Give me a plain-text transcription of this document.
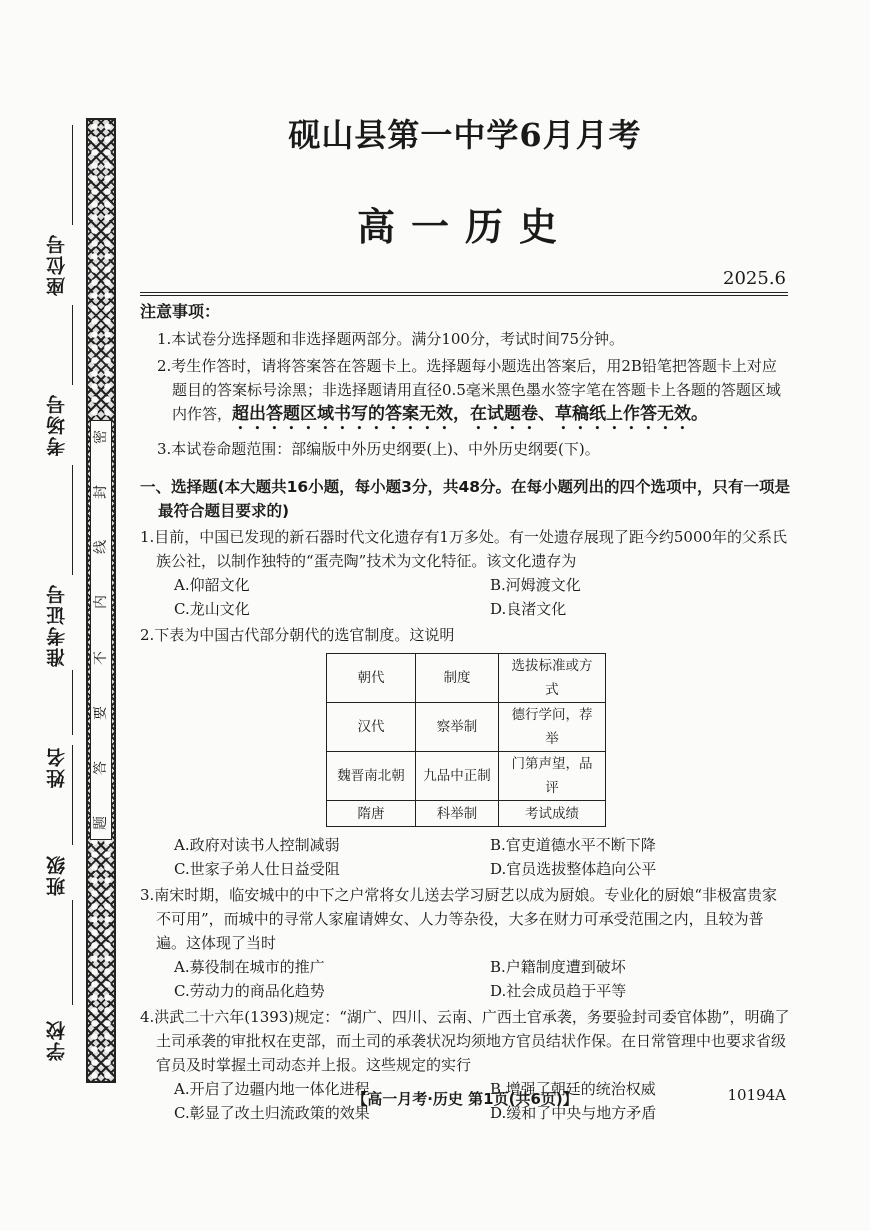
学校
班级
姓名
准考证号
考场号
座位号
密
封
线
内
不
要
答
题
砚山县第一中学6月月考
高一历史
2025.6
注意事项：
1.本试卷分选择题和非选择题两部分。满分100分，考试时间75分钟。
2.考生作答时，请将答案答在答题卡上。选择题每小题选出答案后，用2B铅笔把答题卡上对应题目的答案标号涂黑；非选择题请用直径0.5毫米黑色墨水签字笔在答题卡上各题的答题区域内作答，超出答题区域书写的答案无效，在试题卷、草稿纸上作答无效。
3.本试卷命题范围：部编版中外历史纲要(上)、中外历史纲要(下)。
一、选择题(本大题共16小题，每小题3分，共48分。在每小题列出的四个选项中，只有一项是最符合题目要求的)
1.目前，中国已发现的新石器时代文化遗存有1万多处。有一处遗存展现了距今约5000年的父系氏族公社，以制作独特的“蛋壳陶”技术为文化特征。该文化遗存为
A.仰韶文化	B.河姆渡文化
C.龙山文化	D.良渚文化
2.下表为中国古代部分朝代的选官制度。这说明
朝代	制度	选拔标准或方式
汉代	察举制	德行学问，荐举
魏晋南北朝	九品中正制	门第声望，品评
隋唐	科举制	考试成绩
A.政府对读书人控制减弱	B.官吏道德水平不断下降
C.世家子弟人仕日益受阻	D.官员选拔整体趋向公平
3.南宋时期，临安城中的中下之户常将女儿送去学习厨艺以成为厨娘。专业化的厨娘“非极富贵家不可用”，而城中的寻常人家雇请婢女、人力等杂役，大多在财力可承受范围之内，且较为普遍。这体现了当时
A.募役制在城市的推广	B.户籍制度遭到破坏
C.劳动力的商品化趋势	D.社会成员趋于平等
4.洪武二十六年(1393)规定：“湖广、四川、云南、广西土官承袭，务要验封司委官体勘”，明确了土司承袭的审批权在吏部，而土司的承袭状况均须地方官员结状作保。在日常管理中也要求省级官员及时掌握土司动态并上报。这些规定的实行
A.开启了边疆内地一体化进程	B.增强了朝廷的统治权威
C.彰显了改土归流政策的效果	D.缓和了中央与地方矛盾
【高一月考·历史 第1页(共6页)】	10194A
